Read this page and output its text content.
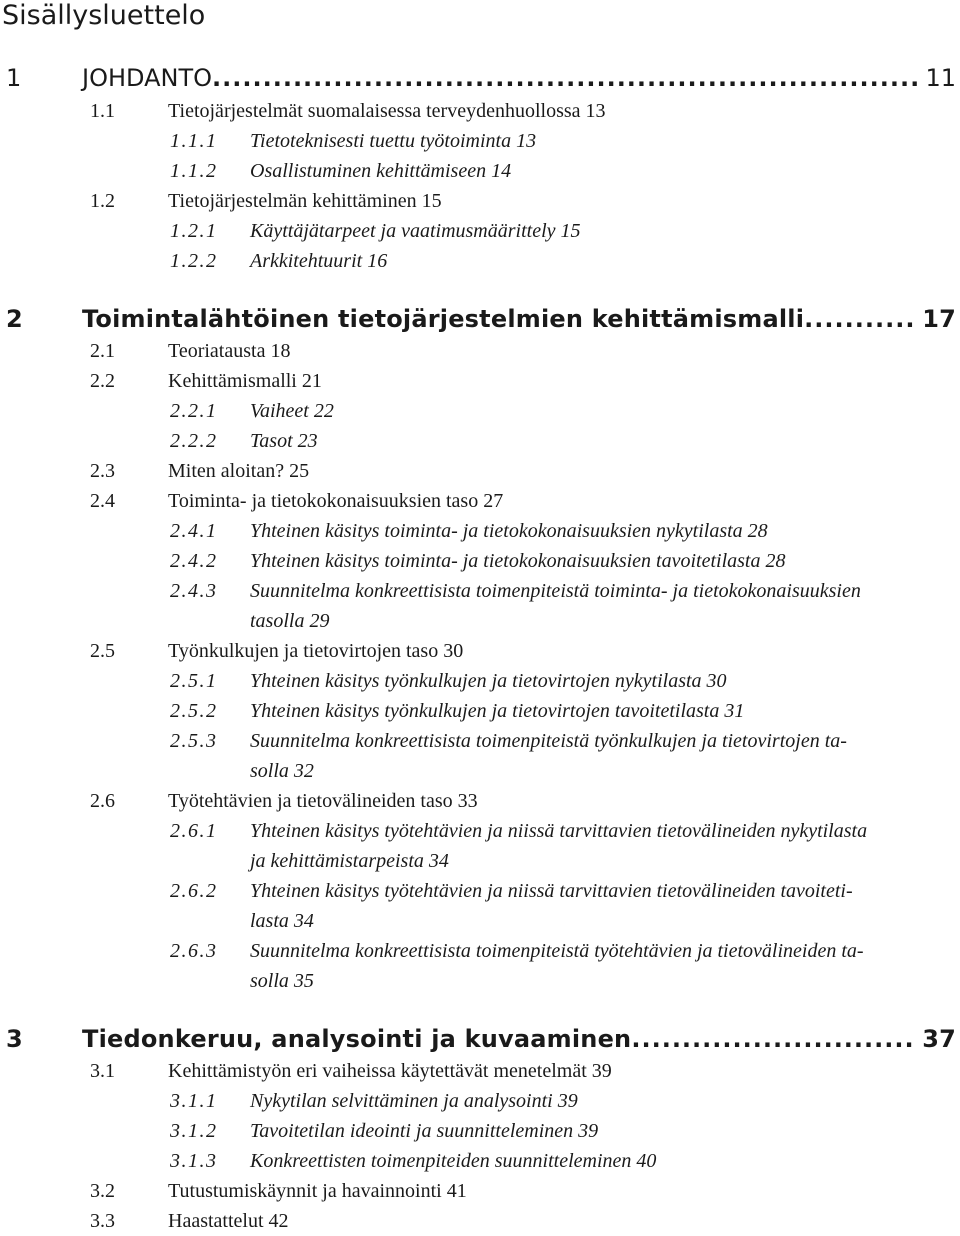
Sisällysluettelo
1	JOHDANTO .....	11
1.1	Tietojärjestelmät suomalaisessa terveydenhuollossa 13
1.1.1	Tietoteknisesti tuettu työtoiminta 13
1.1.2	Osallistuminen kehittämiseen 14
1.2	Tietojärjestelmän kehittäminen 15
1.2.1	Käyttäjätarpeet ja vaatimusmäärittely 15
1.2.2	Arkkitehtuurit 16
2	Toimintalähtöinen tietojärjestelmien kehittämismalli .....	17
2.1	Teoriatausta 18
2.2	Kehittämismalli 21
2.2.1	Vaiheet 22
2.2.2	Tasot 23
2.3	Miten aloitan? 25
2.4	Toiminta- ja tietokokonaisuuksien taso 27
2.4.1	Yhteinen käsitys toiminta- ja tietokokonaisuuksien nykytilasta 28
2.4.2	Yhteinen käsitys toiminta- ja tietokokonaisuuksien tavoitetilasta 28
2.4.3	Suunnitelma konkreettisista toimenpiteistä toiminta- ja tietokokonaisuuksien
tasolla 29
2.5	Työnkulkujen ja tietovirtojen taso 30
2.5.1	Yhteinen käsitys työnkulkujen ja tietovirtojen nykytilasta 30
2.5.2	Yhteinen käsitys työnkulkujen ja tietovirtojen tavoitetilasta 31
2.5.3	Suunnitelma konkreettisista toimenpiteistä työnkulkujen ja tietovirtojen ta-
solla 32
2.6	Työtehtävien ja tietovälineiden taso 33
2.6.1	Yhteinen käsitys työtehtävien ja niissä tarvittavien tietovälineiden nykytilasta
ja kehittämistarpeista 34
2.6.2	Yhteinen käsitys työtehtävien ja niissä tarvittavien tietovälineiden tavoiteti-
lasta 34
2.6.3	Suunnitelma konkreettisista toimenpiteistä työtehtävien ja tietovälineiden ta-
solla 35
3	Tiedonkeruu, analysointi ja kuvaaminen .....	37
3.1	Kehittämistyön eri vaiheissa käytettävät menetelmät 39
3.1.1	Nykytilan selvittäminen ja analysointi 39
3.1.2	Tavoitetilan ideointi ja suunnitteleminen 39
3.1.3	Konkreettisten toimenpiteiden suunnitteleminen 40
3.2	Tutustumiskäynnit ja havainnointi 41
3.3	Haastattelut 42
